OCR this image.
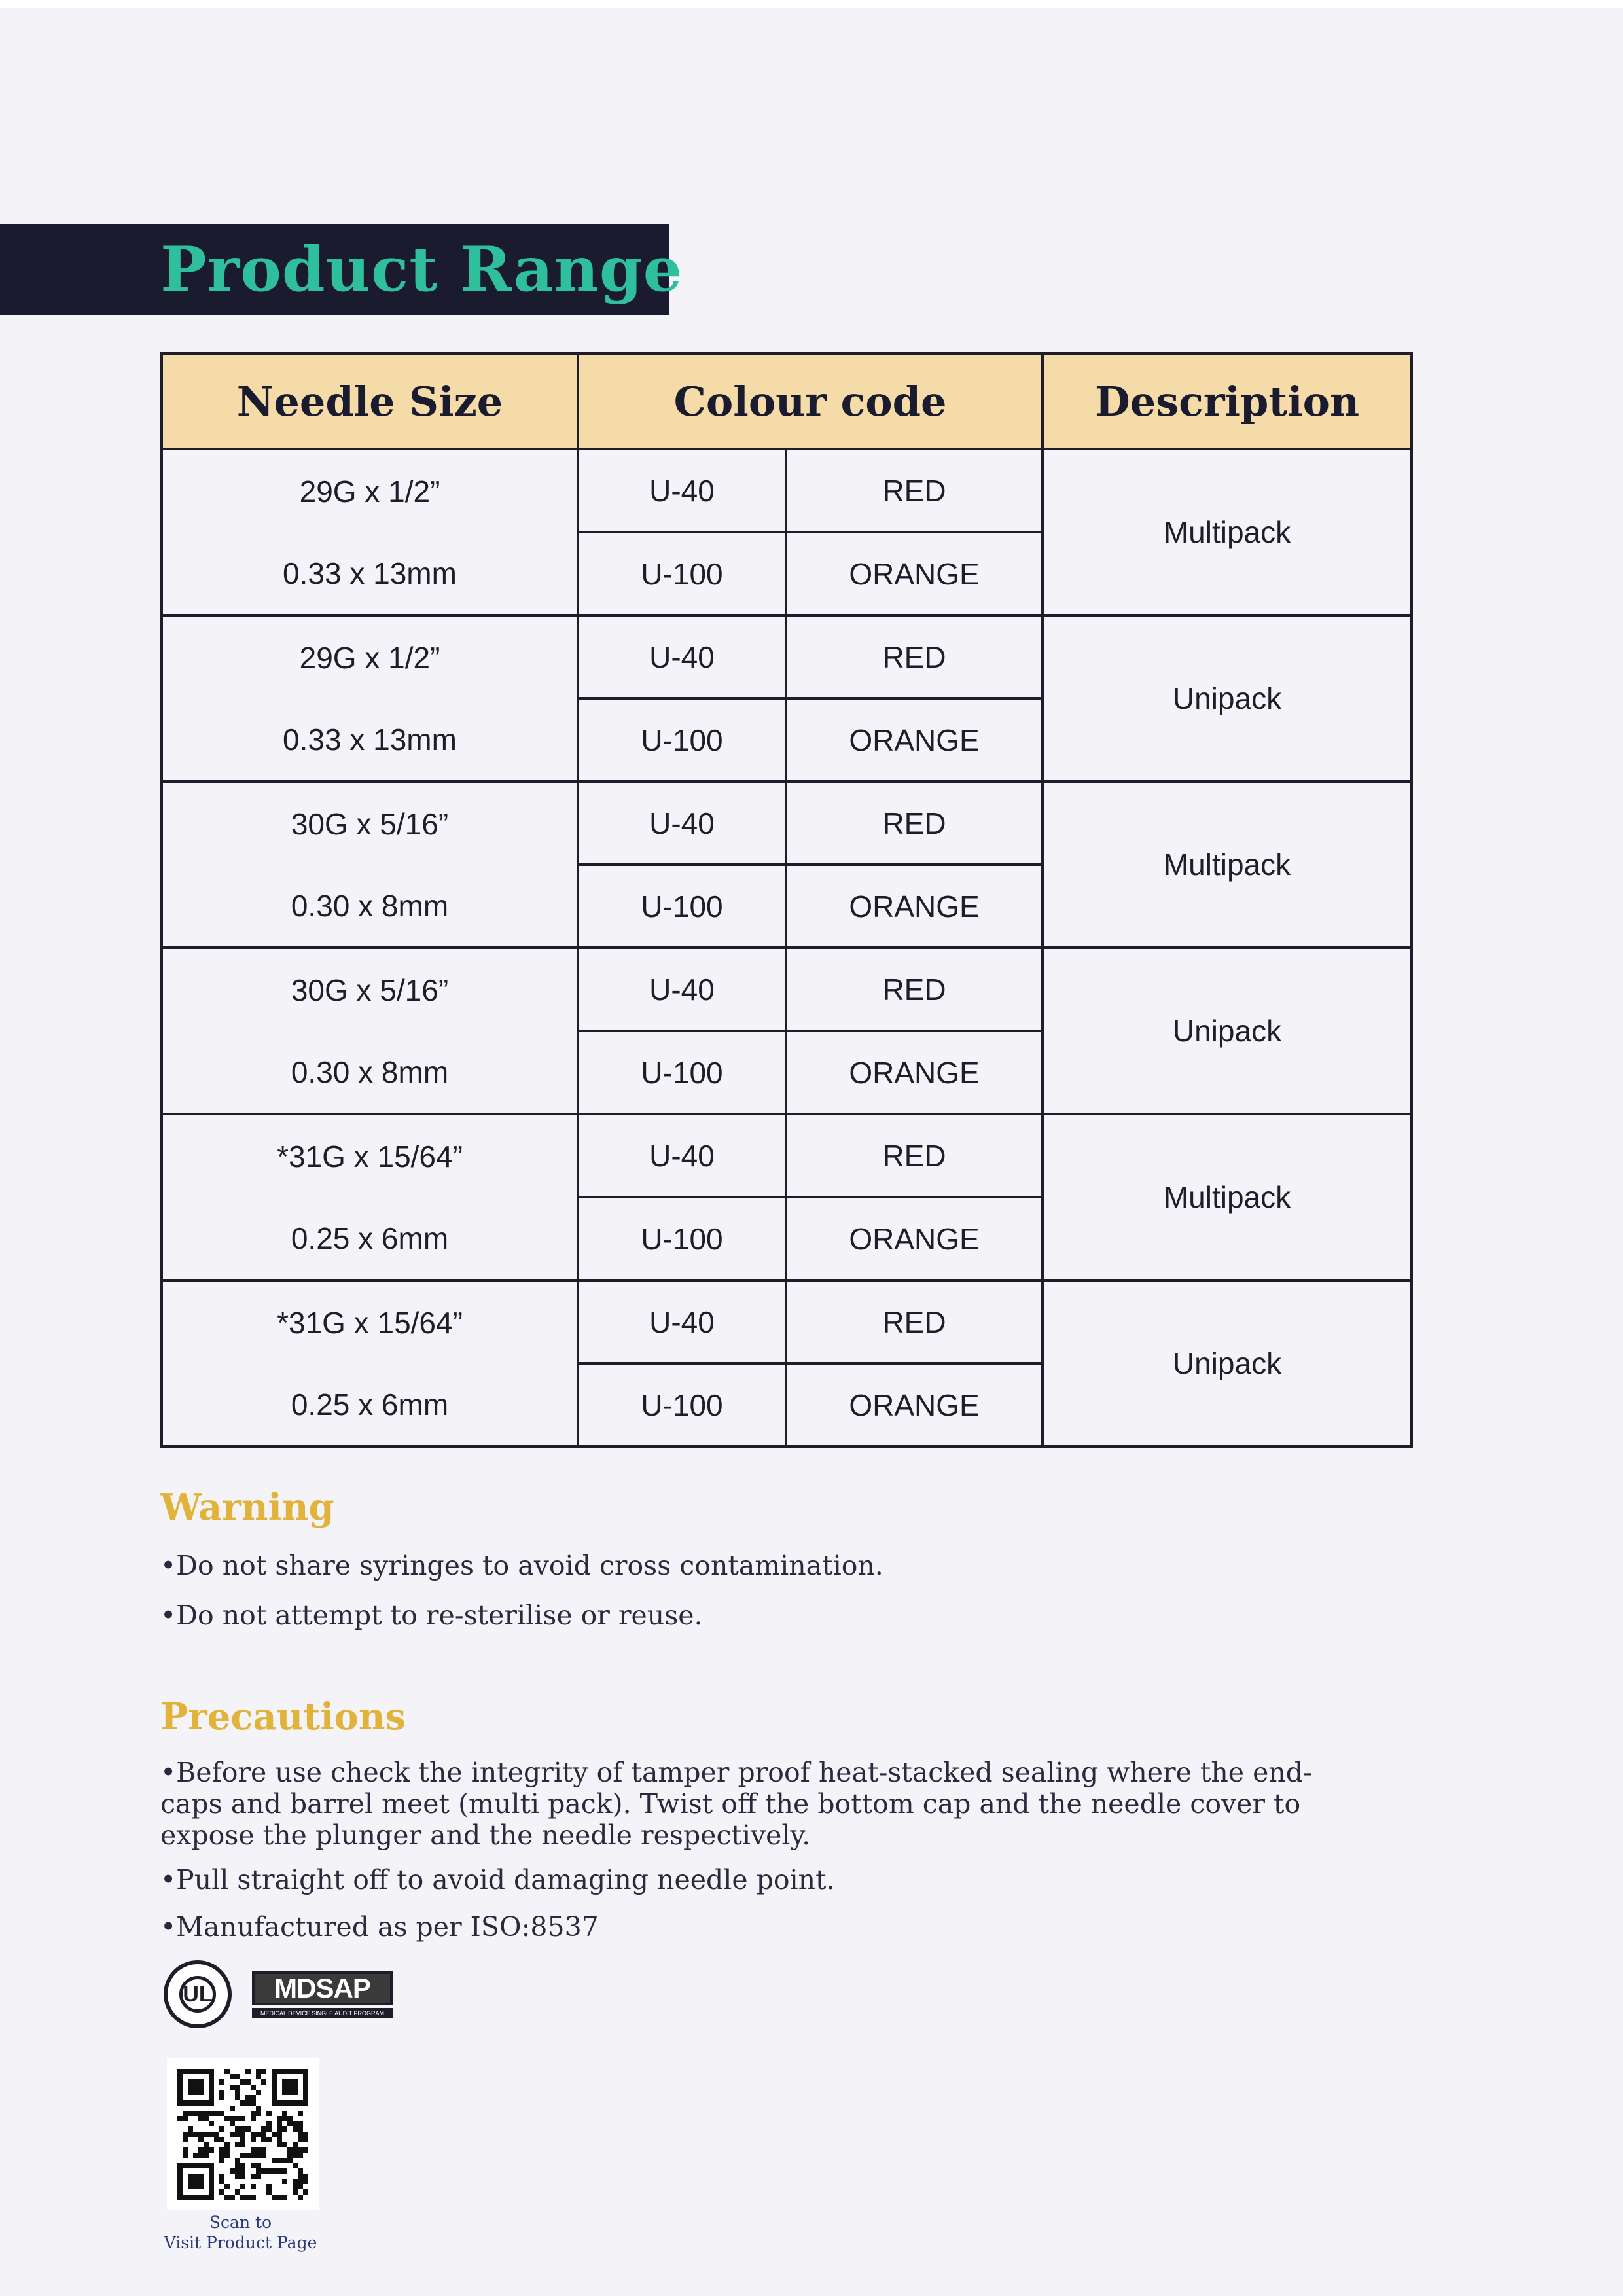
Product Range
Needle Size	Colour code		Description

29G x 1/2”
0.33 x 13mm	U-40	RED	Multipack
	U-100	ORANGE	

29G x 1/2”
0.33 x 13mm	U-40	RED	Unipack
	U-100	ORANGE	

30G x 5/16”
0.30 x 8mm	U-40	RED	Multipack
	U-100	ORANGE	

30G x 5/16”
0.30 x 8mm	U-40	RED	Unipack
	U-100	ORANGE	

*31G x 15/64”
0.25 x 6mm	U-40	RED	Multipack
	U-100	ORANGE	

*31G x 15/64”
0.25 x 6mm	U-40	RED	Unipack
	U-100	ORANGE	
Warning
•Do not share syringes to avoid cross contamination.
•Do not attempt to re-sterilise or reuse.
Precautions
•Before use check the integrity of tamper proof heat-stacked sealing where the end-caps and barrel meet (multi pack). Twist off the bottom cap and the needle cover to expose the plunger and the needle respectively.
•Pull straight off to avoid damaging needle point.
•Manufactured as per ISO:8537
UL	MDSAP
MEDICAL DEVICE SINGLE AUDIT PROGRAM
Scan to
Visit Product Page
